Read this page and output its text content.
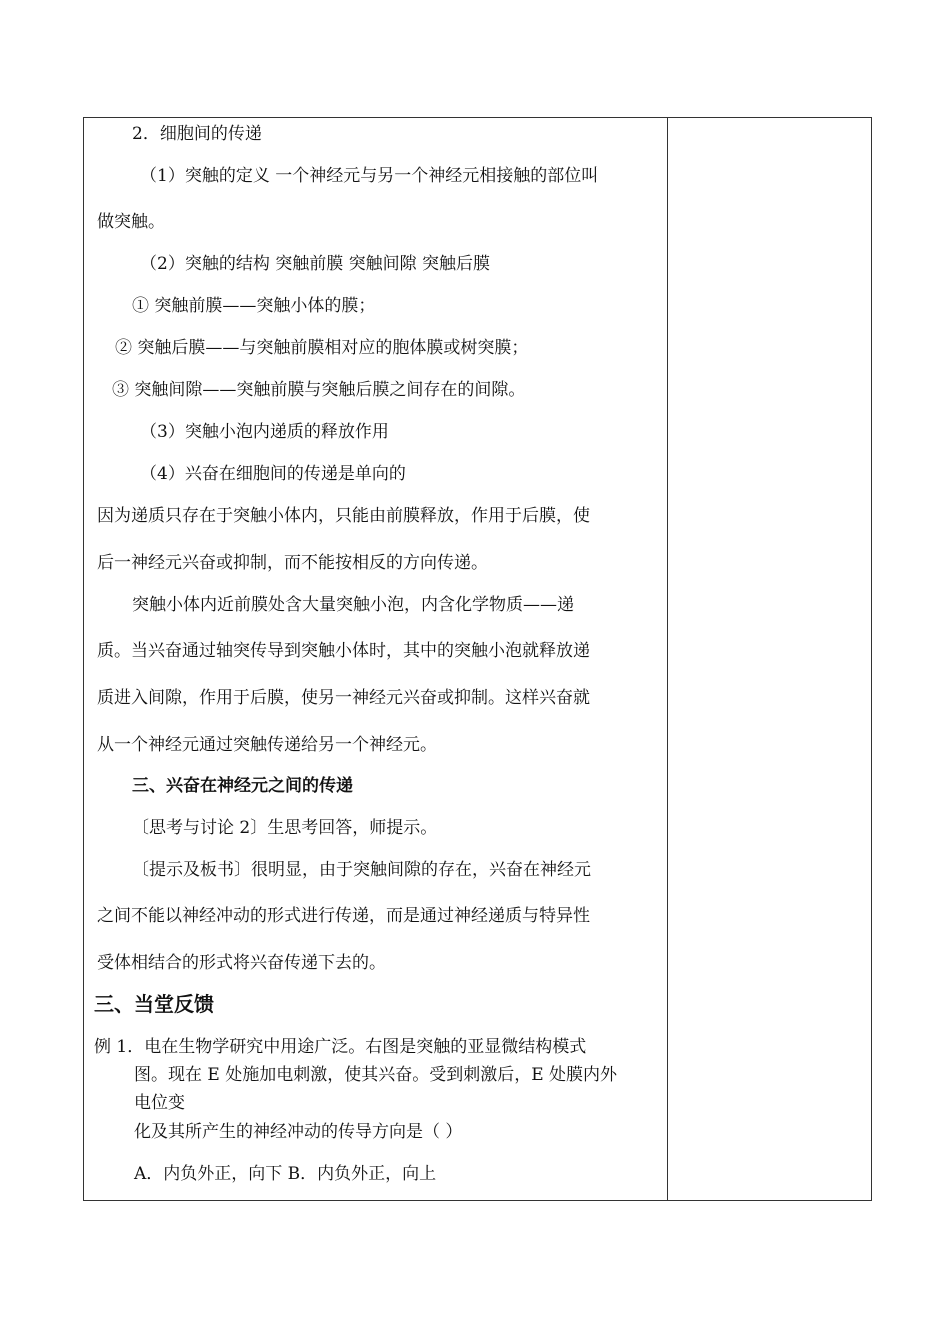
2．细胞间的传递
（1）突触的定义 一个神经元与另一个神经元相接触的部位叫
做突触。
（2）突触的结构 突触前膜 突触间隙 突触后膜
① 突触前膜——突触小体的膜；
② 突触后膜——与突触前膜相对应的胞体膜或树突膜；
③ 突触间隙——突触前膜与突触后膜之间存在的间隙。
（3）突触小泡内递质的释放作用
（4）兴奋在细胞间的传递是单向的
因为递质只存在于突触小体内，只能由前膜释放，作用于后膜，使
后一神经元兴奋或抑制，而不能按相反的方向传递。
突触小体内近前膜处含大量突触小泡，内含化学物质——递
质。当兴奋通过轴突传导到突触小体时，其中的突触小泡就释放递
质进入间隙，作用于后膜，使另一神经元兴奋或抑制。这样兴奋就
从一个神经元通过突触传递给另一个神经元。
三、兴奋在神经元之间的传递
〔思考与讨论 2〕生思考回答，师提示。
〔提示及板书〕很明显，由于突触间隙的存在，兴奋在神经元
之间不能以神经冲动的形式进行传递，而是通过神经递质与特异性
受体相结合的形式将兴奋传递下去的。
三、当堂反馈
例 1．电在生物学研究中用途广泛。右图是突触的亚显微结构模式
图。现在 E 处施加电刺激，使其兴奋。受到刺激后，E 处膜内外
电位变
化及其所产生的神经冲动的传导方向是（ ）
A．内负外正，向下 B．内负外正，向上
